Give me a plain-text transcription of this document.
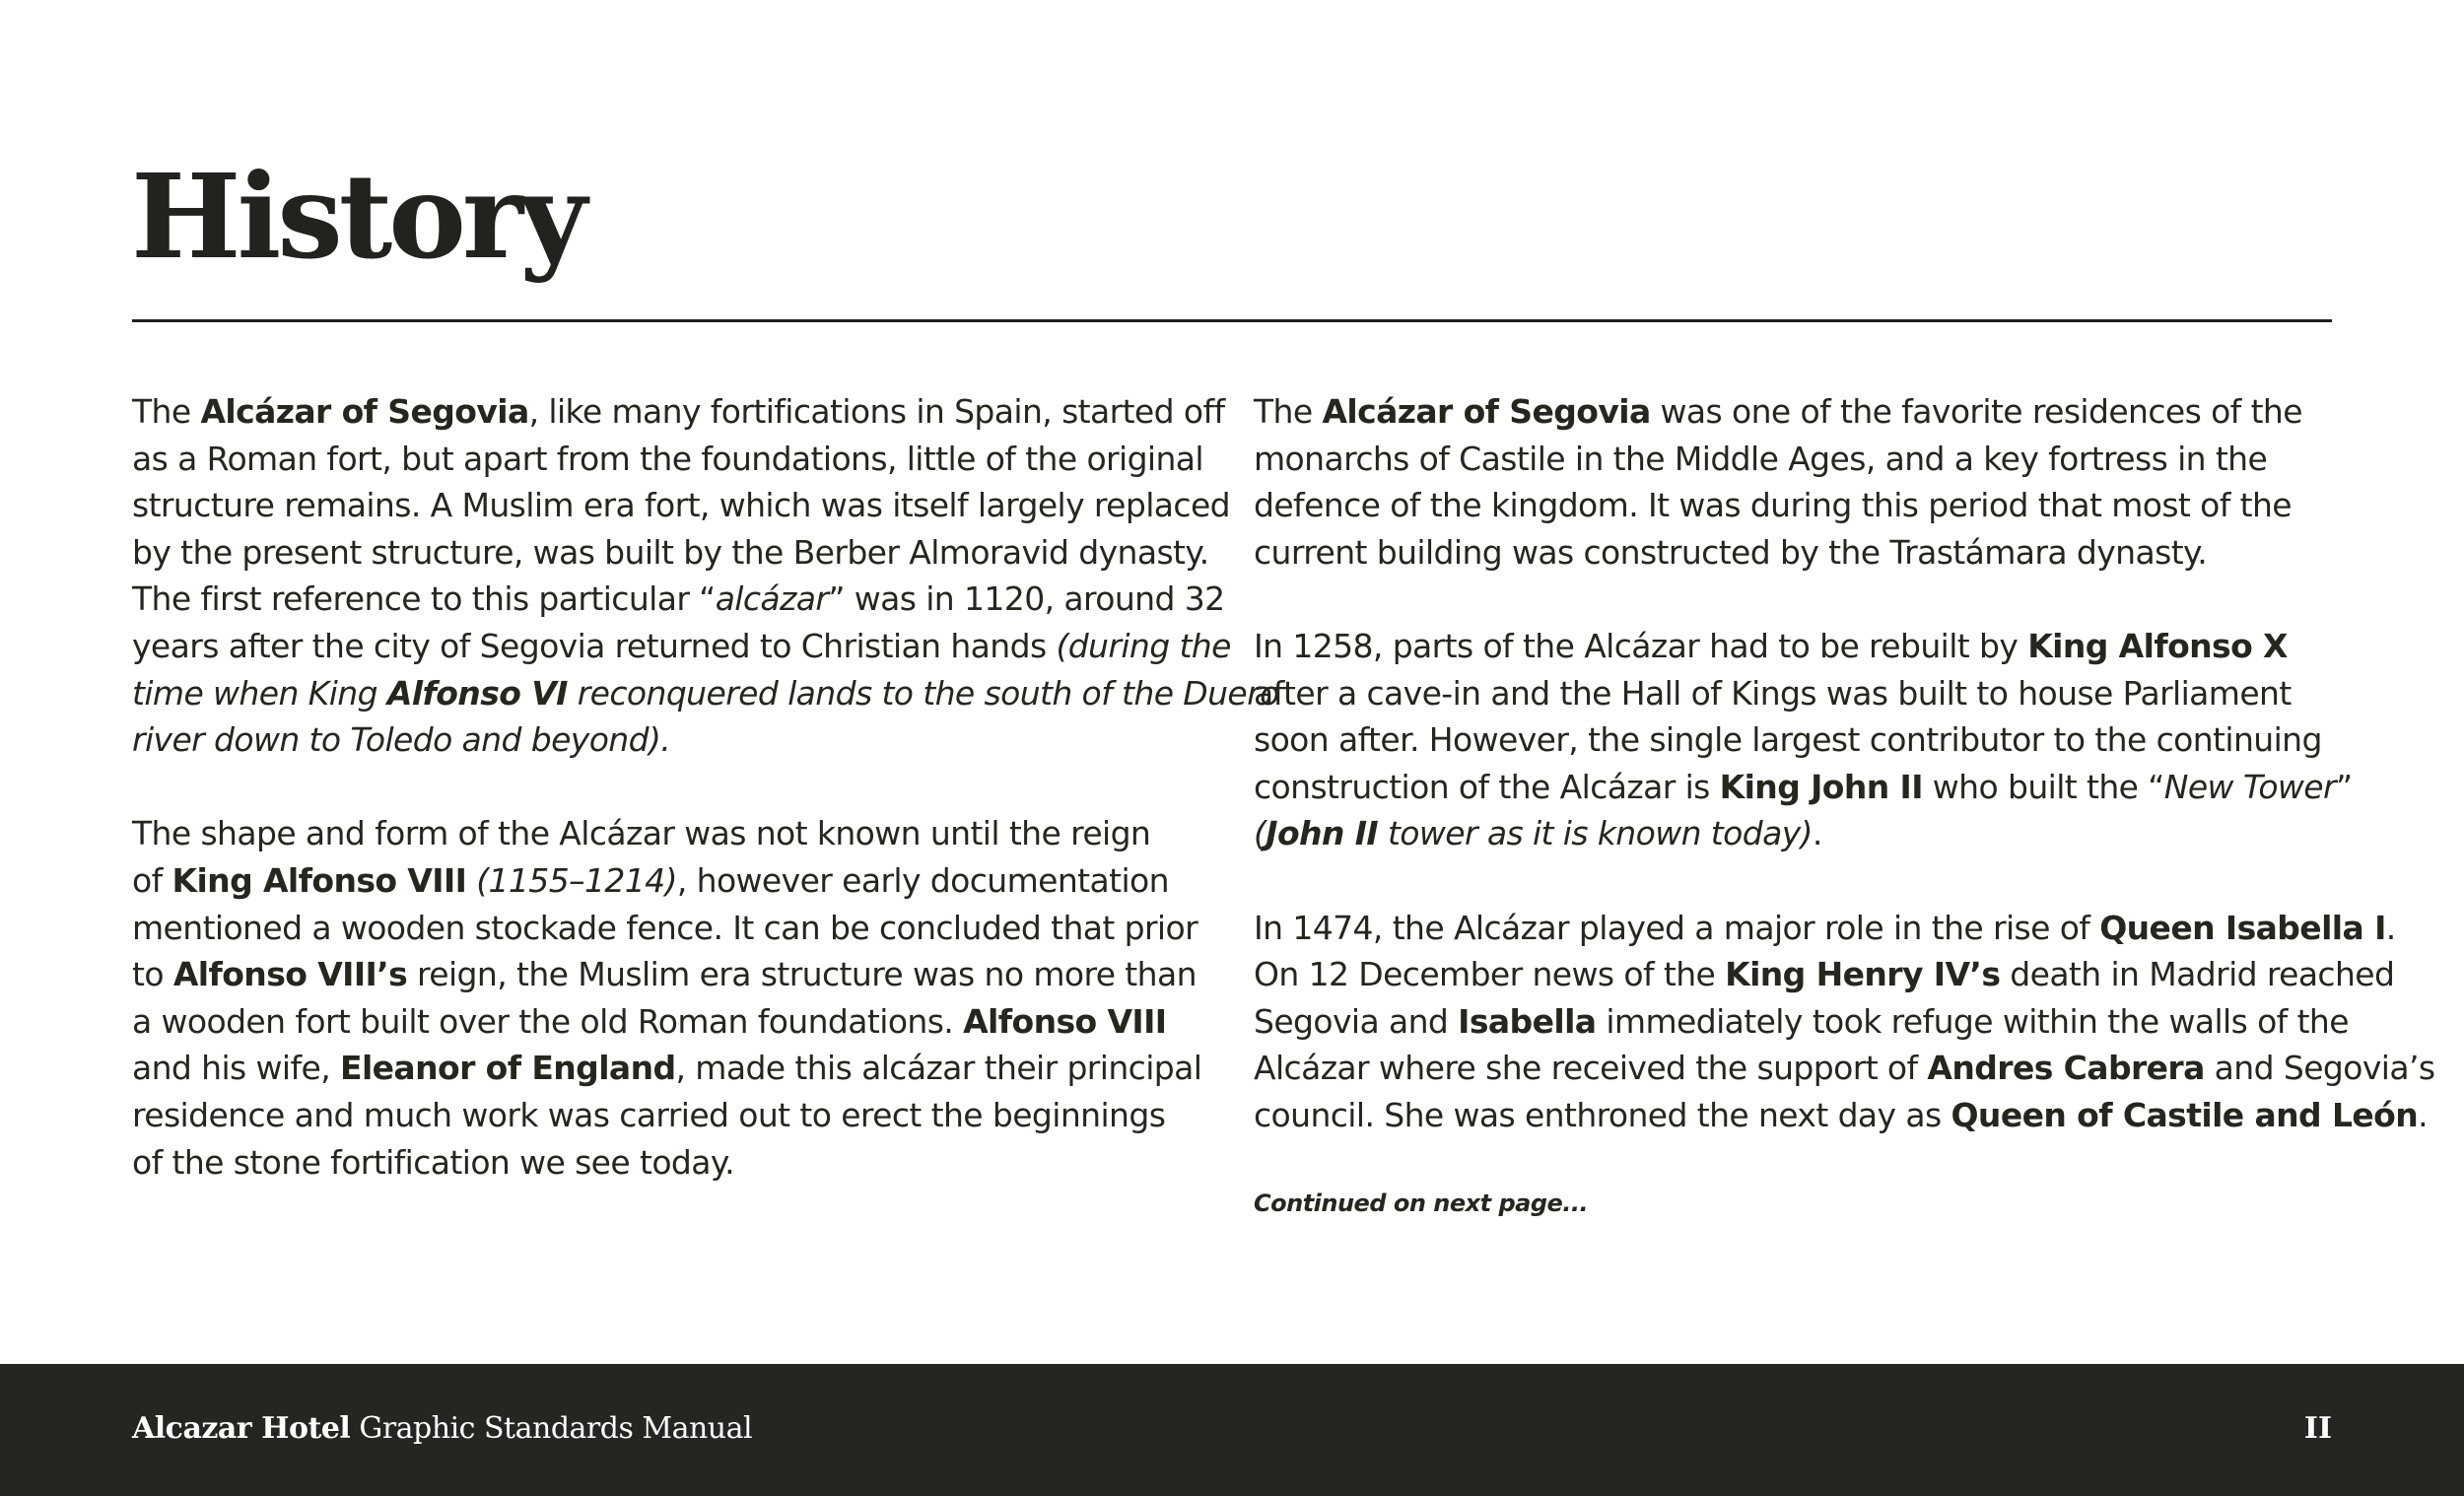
History

The Alcázar of Segovia, like many fortifications in Spain, started off
as a Roman fort, but apart from the foundations, little of the original
structure remains. A Muslim era fort, which was itself largely replaced
by the present structure, was built by the Berber Almoravid dynasty.
The first reference to this particular “alcázar” was in 1120, around 32
years after the city of Segovia returned to Christian hands (during the
time when King Alfonso VI reconquered lands to the south of the Duero
river down to Toledo and beyond).

The shape and form of the Alcázar was not known until the reign
of King Alfonso VIII (1155–1214), however early documentation
mentioned a wooden stockade fence. It can be concluded that prior
to Alfonso VIII’s reign, the Muslim era structure was no more than
a wooden fort built over the old Roman foundations. Alfonso VIII
and his wife, Eleanor of England, made this alcázar their principal
residence and much work was carried out to erect the beginnings
of the stone fortification we see today.

The Alcázar of Segovia was one of the favorite residences of the
monarchs of Castile in the Middle Ages, and a key fortress in the
defence of the kingdom. It was during this period that most of the
current building was constructed by the Trastámara dynasty.

In 1258, parts of the Alcázar had to be rebuilt by King Alfonso X
after a cave-in and the Hall of Kings was built to house Parliament
soon after. However, the single largest contributor to the continuing
construction of the Alcázar is King John II who built the “New Tower”
(John II tower as it is known today).

In 1474, the Alcázar played a major role in the rise of Queen Isabella I.
On 12 December news of the King Henry IV’s death in Madrid reached
Segovia and Isabella immediately took refuge within the walls of the
Alcázar where she received the support of Andres Cabrera and Segovia’s
council. She was enthroned the next day as Queen of Castile and León.

Continued on next page...
Alcazar Hotel Graphic Standards Manual	II
